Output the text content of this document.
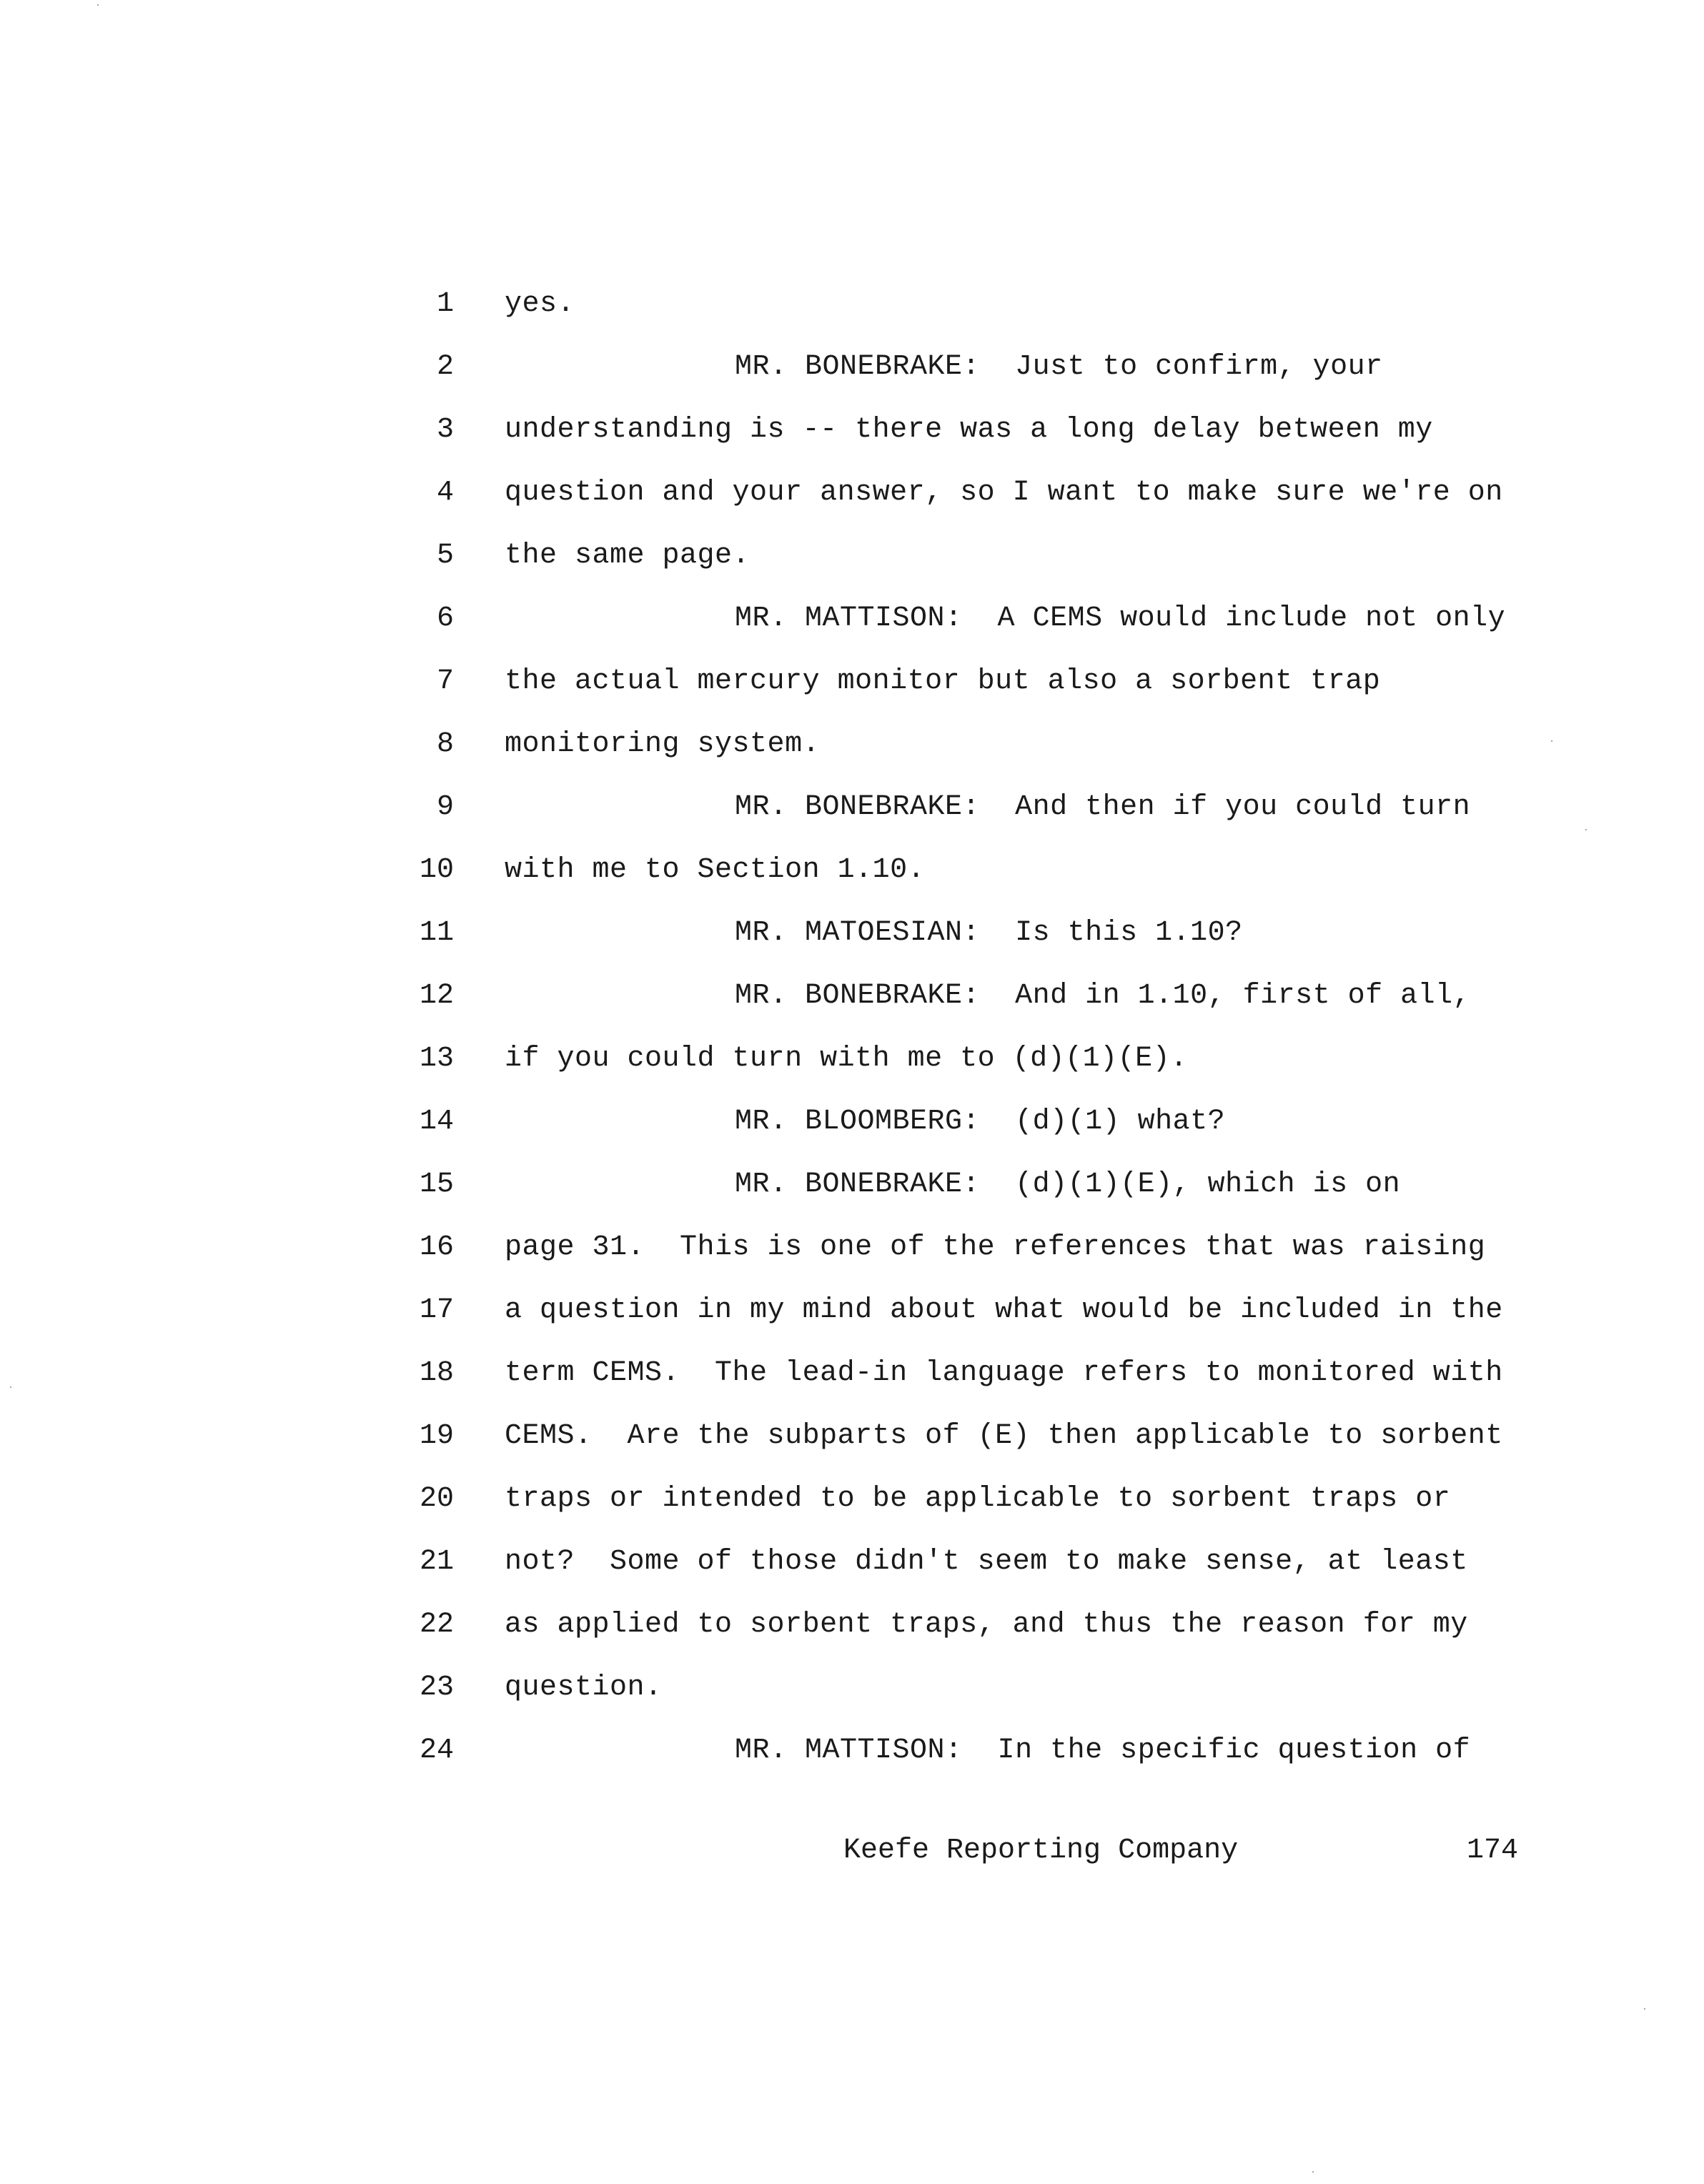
1 yes.
2	MR. BONEBRAKE:  Just to confirm, your
3 understanding is -- there was a long delay between my
4 question and your answer, so I want to make sure we're on
5 the same page.
6	MR. MATTISON:  A CEMS would include not only
7 the actual mercury monitor but also a sorbent trap
8 monitoring system.
9	MR. BONEBRAKE:  And then if you could turn
10 with me to Section 1.10.
11	MR. MATOESIAN:  Is this 1.10?
12	MR. BONEBRAKE:  And in 1.10, first of all,
13 if you could turn with me to (d)(1)(E).
14	MR. BLOOMBERG:  (d)(1) what?
15	MR. BONEBRAKE:  (d)(1)(E), which is on
16 page 31.  This is one of the references that was raising
17 a question in my mind about what would be included in the
18 term CEMS.  The lead-in language refers to monitored with
19 CEMS.  Are the subparts of (E) then applicable to sorbent
20 traps or intended to be applicable to sorbent traps or
21 not?  Some of those didn't seem to make sense, at least
22 as applied to sorbent traps, and thus the reason for my
23 question.
24	MR. MATTISON:  In the specific question of
Keefe Reporting Company	174
